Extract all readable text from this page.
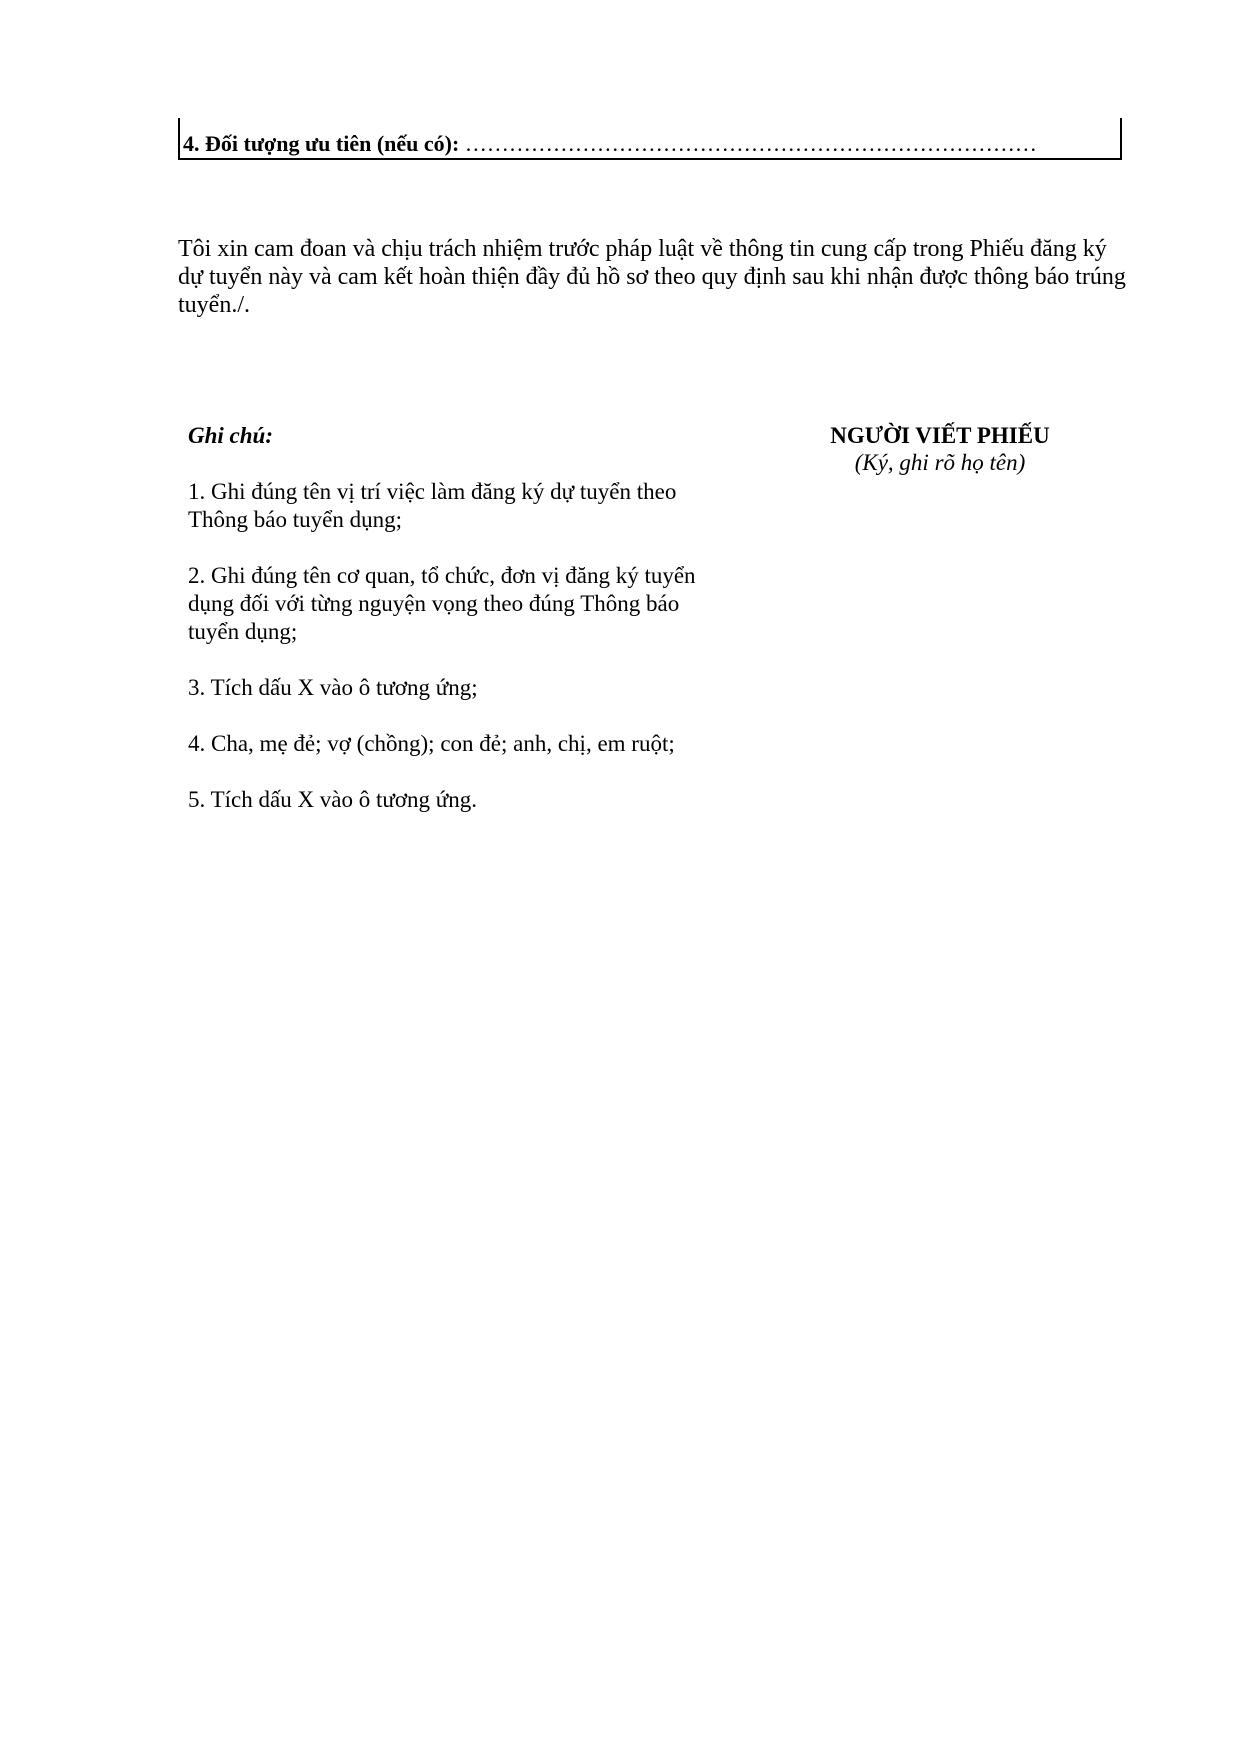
4. Đối tượng ưu tiên (nếu có): ……………………………………………………………………

Tôi xin cam đoan và chịu trách nhiệm trước pháp luật về thông tin cung cấp trong Phiếu đăng ký dự tuyển này và cam kết hoàn thiện đầy đủ hồ sơ theo quy định sau khi nhận được thông báo trúng tuyển./.

Ghi chú:
1. Ghi đúng tên vị trí việc làm đăng ký dự tuyển theo Thông báo tuyển dụng;
2. Ghi đúng tên cơ quan, tổ chức, đơn vị đăng ký tuyển dụng đối với từng nguyện vọng theo đúng Thông báo tuyển dụng;
3. Tích dấu X vào ô tương ứng;
4. Cha, mẹ đẻ; vợ (chồng); con đẻ; anh, chị, em ruột;
5. Tích dấu X vào ô tương ứng.
NGƯỜI VIẾT PHIẾU
(Ký, ghi rõ họ tên)
